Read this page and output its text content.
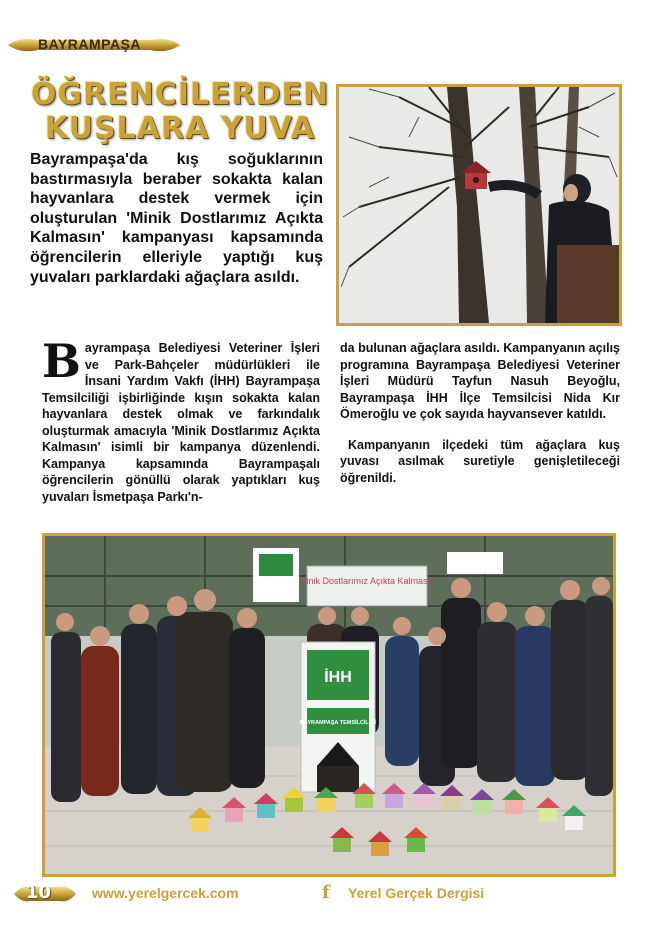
BAYRAMPAŞA
ÖĞRENCİLERDEN
KUŞLARA YUVA
Bayrampaşa'da kış soğuklarının bastırmasıyla beraber sokakta kalan hayvanlara destek vermek için oluşturulan 'Minik Dostlarımız Açıkta Kalmasın' kampanyası kapsamında öğrencilerin elleriyle yaptığı kuş yuvaları parklardaki ağaçlara asıldı.

Bayrampaşa Belediyesi Veteriner İşleri ve Park-Bahçeler müdürlükleri ile İnsani Yardım Vakfı (İHH) Bayrampaşa Temsilciliği işbirliğinde kışın sokakta kalan hayvanlara destek olmak ve farkındalık oluşturmak amacıyla 'Minik Dostlarımız Açıkta Kalmasın' isimli bir kampanya düzenlendi. Kampanya kapsamında Bayrampaşalı öğrencilerin gönüllü olarak yaptıkları kuş yuvaları İsmetpaşa Parkı'n-

da bulunan ağaçlara asıldı. Kampanyanın açılış programına Bayrampaşa Belediyesi Veteriner İşleri Müdürü Tayfun Nasuh Beyoğlu, Bayrampaşa İHH İlçe Temsilcisi Nida Kır Ömeroğlu ve çok sayıda hayvansever katıldı.

Kampanyanın ilçedeki tüm ağaçlara kuş yuvası asılmak suretiyle genişletileceği öğrenildi.

Minik Dostlarımız Açıkta Kalmasın
İHH
BAYRAMPAŞA TEMSİLCİLİĞİ
10	www.yerelgercek.com	f Yerel Gerçek Dergisi
